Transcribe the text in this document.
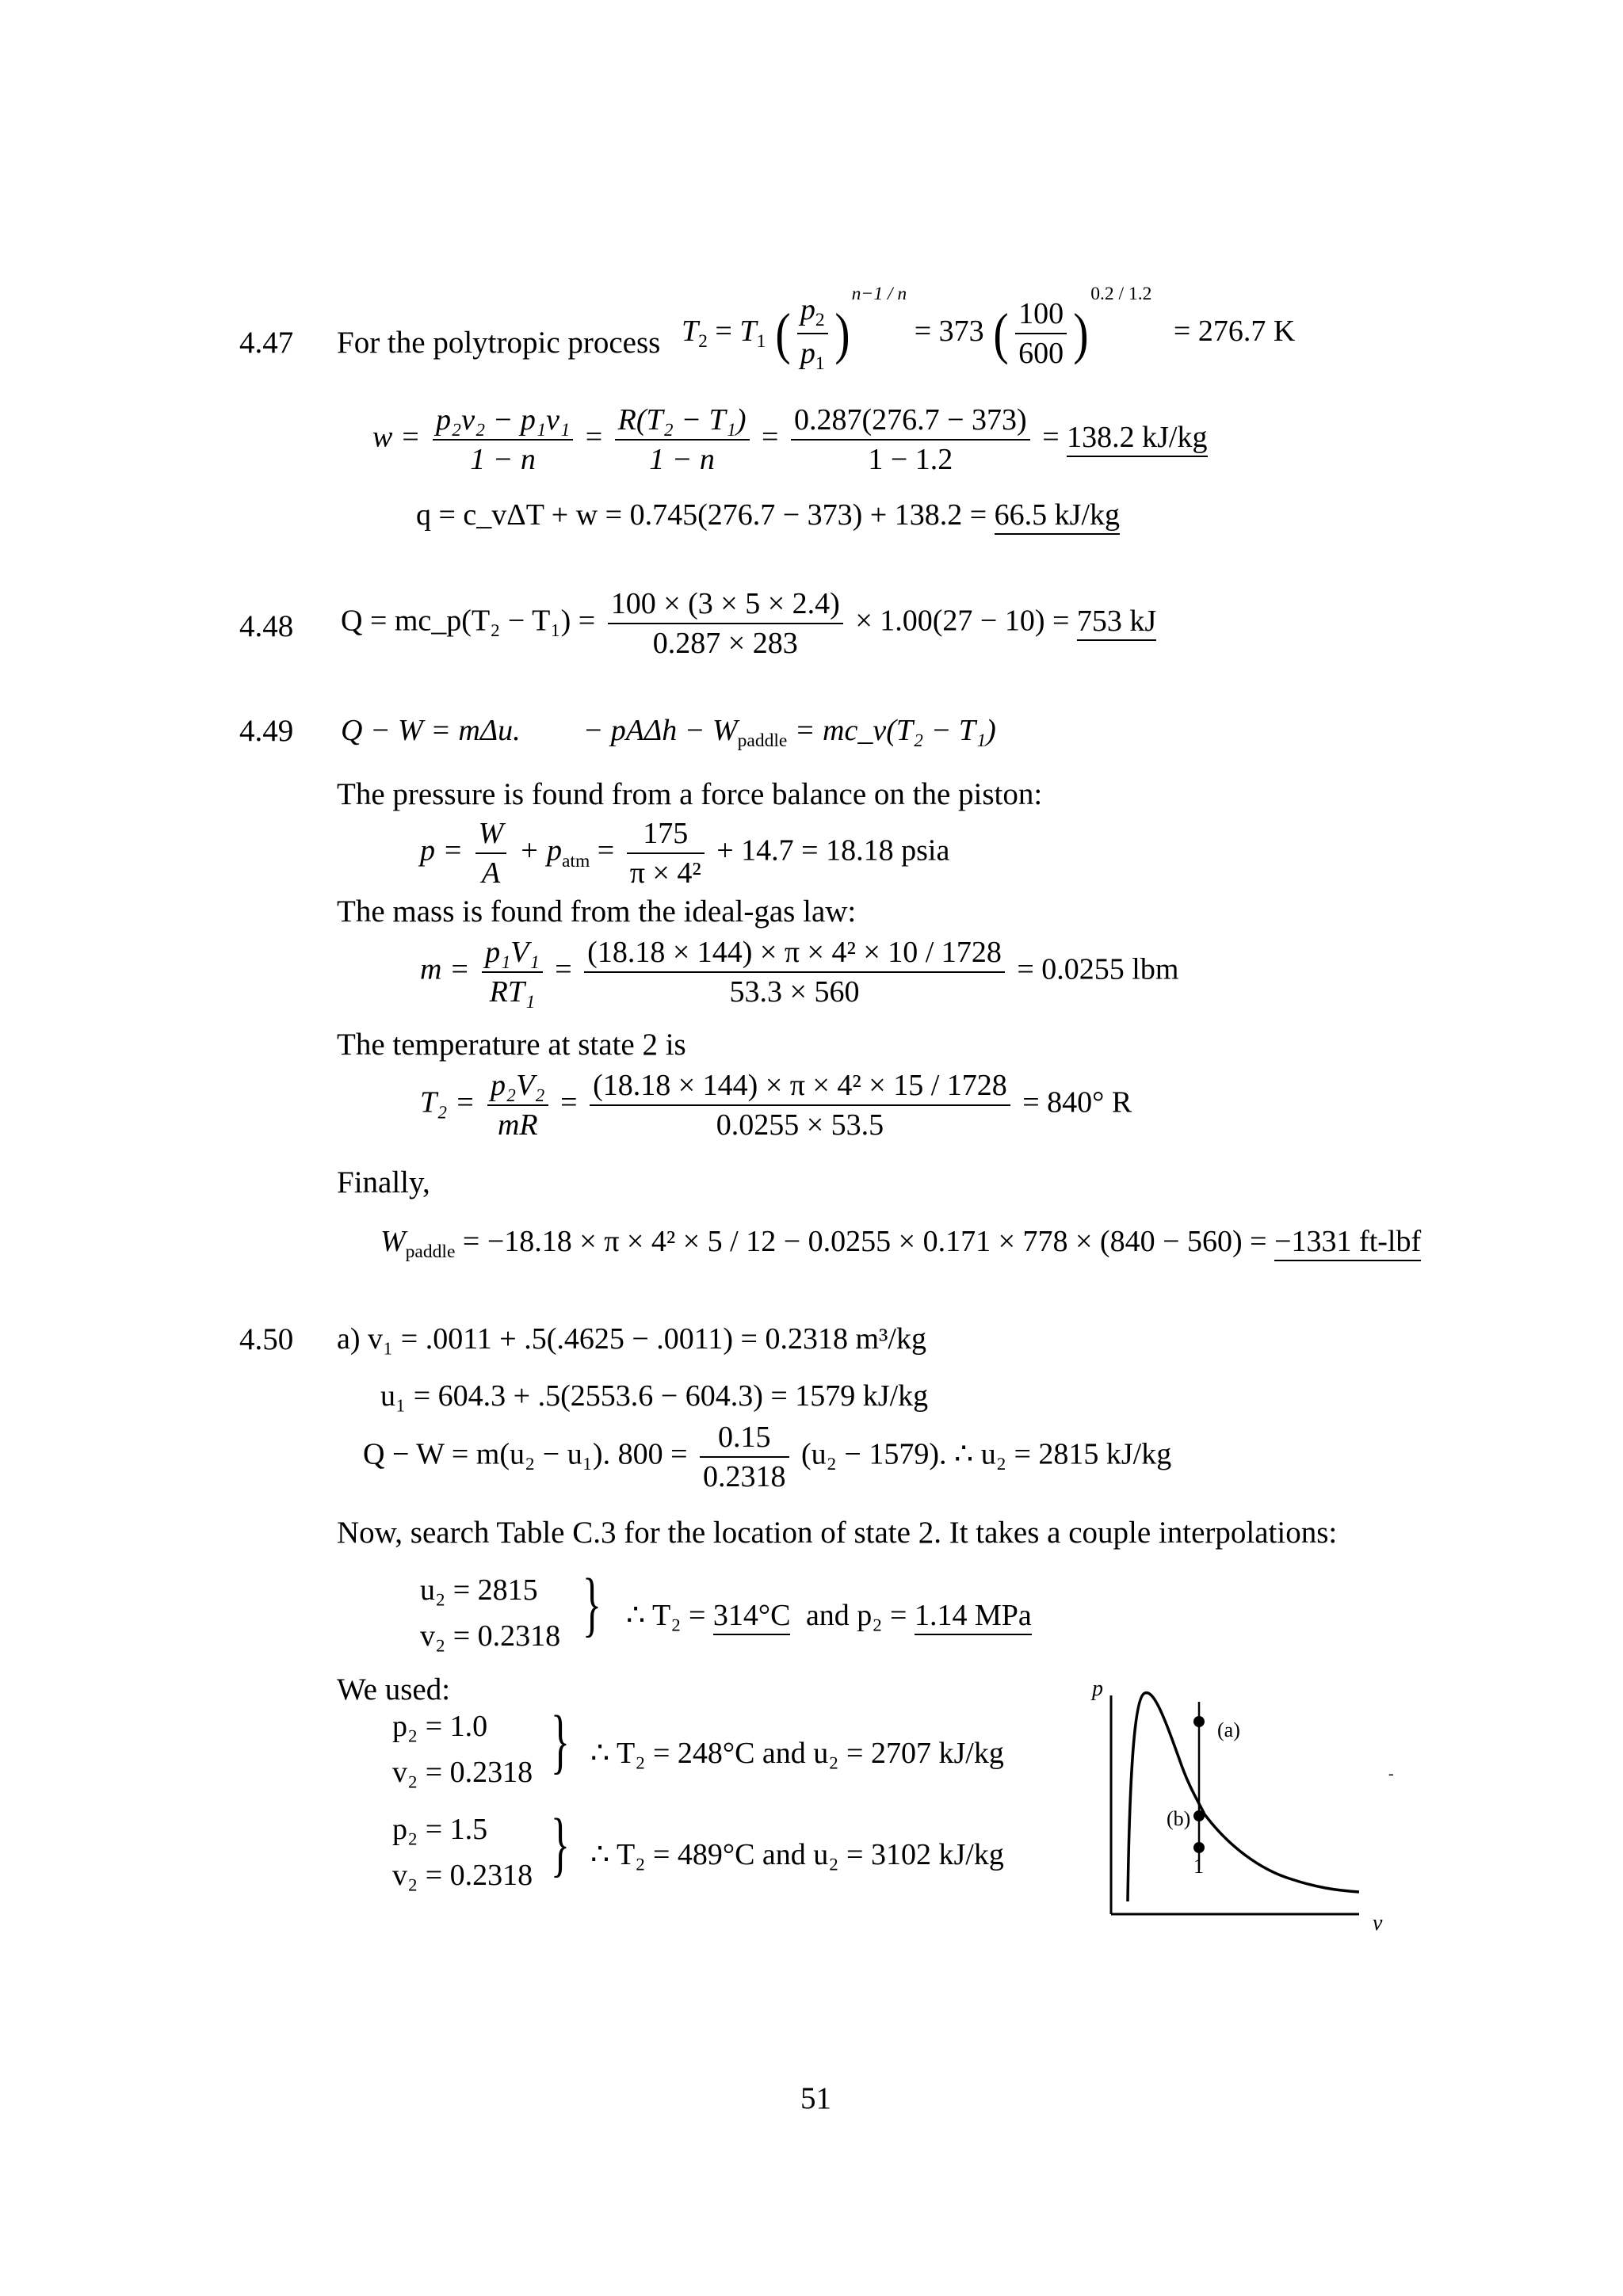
4.47 For the polytropic process $T_2 = T_1$ ( $\frac{p_2}{p_1} )^{n-1 / n} = 373$ ( $\frac{100}{600} )^{0.2 / 1.2} = 276.7$ K
$w = \frac{\text{p₂v₂ − p₁v₁}}{1 - n} = \frac{\text{R(T₂ − T₁)}}{1 - n} = \frac{0.287(276.7 - 373)}{1 - 1.2} = 138.2$ kJ/kg
q = c_vΔT + w = 0.745(276.7 − 373) + 138.2 = 66.5 kJ/kg
4.48 Q = mc_p(T₂ − $T_1) = \frac{100 \times (3 \times 5 \times 2.4)}{0.287 \times 283} \times 1.00(27 - 10) = 753$ kJ
4.49 Q − W = mΔu. − $pA\Delta h - W_{paddle}$ = mc_v(T₂ − T₁)
The pressure is found from a force balance on the piston:
$p = \frac{W}{A} + p_{atm} = \frac{175}{\text{π × 4²}} + 14.7 = 18.18$ psia
The mass is found from the ideal-gas law:
$m = \frac{\text{p₁V₁}}{\text{RT₁}} = \frac{\text{(18.18 × 144) × π × 4² × 10 / 1728}}{53.3 \times 560} = 0.0255$ lbm
The temperature at state 2 is
$T_2 = \frac{\text{p₂V₂}}{mR} = \frac{\text{(18.18 × 144) × π × 4² × 15 / 1728}}{0.0255 \times 53.5} = 840^\circ$ R
Finally,
$W_{paddle} = -18.18 \times \pi \times 4^2 \times 5 / 12 - 0.0255 \times 0.171 \times 778 \times (840 - 560) = -1331$ ft-lbf
4.50 a) v₁ = .0011 + .5(.4625 − .0011) = 0.2318 m³/kg
u₁ = 604.3 + .5(2553.6 − 604.3) = 1579 kJ/kg
Q − W = m(u₂ − u₁). $800 = \frac{0.15}{0.2318} (u_2 - 1579)$. ∴ u₂ = 2815 kJ/kg
Now, search Table C.3 for the location of state 2. It takes a couple interpolations:
u₂ = 2815
v₂ = 0.2318 } ∴ T₂ = 314°C and p₂ = 1.14 MPa
We used:
p₂ = 1.0
v₂ = 0.2318 } ∴ T₂ = 248°C and u₂ = 2707 kJ/kg
p₂ = 1.5
v₂ = 0.2318 } ∴ T₂ = 489°C and u₂ = 3102 kJ/kg
p
v
(a)
(b)
1
-
51
